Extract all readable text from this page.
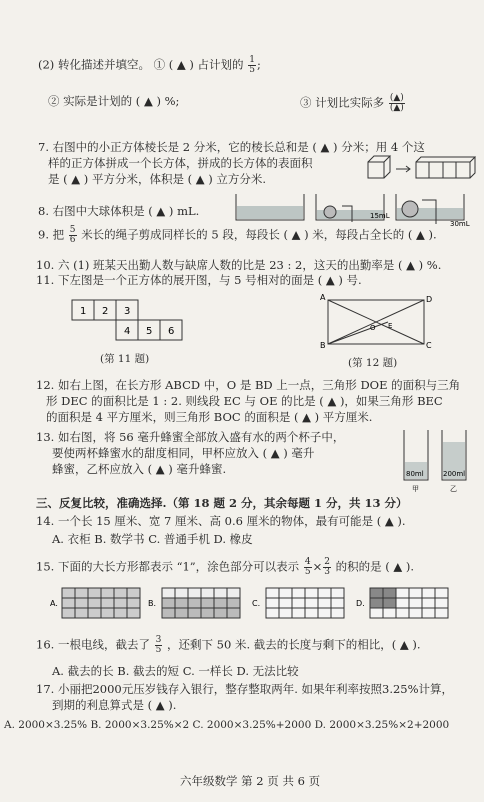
(2) 转化描述并填空。 ① ( ▲ ) 占计划的 $\frac{1}{5}$ ;
② 实际是计划的 ( ▲ ) %;	③ 计划比实际多 $\frac{(▲)}{(▲)}$
7. 右图中的小正方体棱长是 2 分米，它的棱长总和是 ( ▲ ) 分米；用 4 个这
样的正方体拼成一个长方体，拼成的长方体的表面积
是 ( ▲ ) 平方分米，体积是 ( ▲ ) 立方分米.
8. 右图中大球体积是 ( ▲ ) mL.	15mL
30mL
9. 把 $\frac{5}{6}$ 米长的绳子剪成同样长的 5 段，每段长 ( ▲ ) 米，每段占全长的 ( ▲ ).
10. 六 (1) 班某天出勤人数与缺席人数的比是 23 : 2，这天的出勤率是 ( ▲ ) %.
11. 下左图是一个正方体的展开图，与 5 号相对的面是 ( ▲ ) 号.
1 2 3
4 5 6
(第 11 题)
A	D
B	C
O E
(第 12 题)
12. 如右上图，在长方形 ABCD 中，O 是 BD 上一点，三角形 DOE 的面积与三角
形 DEC 的面积比是 1 : 2. 则线段 EC 与 OE 的比是 ( ▲ )，如果三角形 BEC
的面积是 4 平方厘米，则三角形 BOC 的面积是 ( ▲ ) 平方厘米.
13. 如右图，将 56 毫升蜂蜜全部放入盛有水的两个杯子中，
要使两杯蜂蜜水的甜度相同，甲杯应放入 ( ▲ ) 毫升
蜂蜜，乙杯应放入 ( ▲ ) 毫升蜂蜜.	80ml	200ml
甲	乙
三、反复比较，准确选择.（第 18 题 2 分，其余每题 1 分，共 13 分）
14. 一个长 15 厘米、宽 7 厘米、高 0.6 厘米的物体，最有可能是 ( ▲ ).
A. 衣柜 B. 数学书 C. 普通手机 D. 橡皮
15. 下面的大长方形都表示 “1”，涂色部分可以表示 $\frac{4}{5} \times \frac{2}{3}$ 的积的是 ( ▲ ).
A.	B.	C.	D.
16. 一根电线，截去了 $\frac{3}{5}$ ，还剩下 50 米. 截去的长度与剩下的相比，( ▲ ).
A. 截去的长 B. 截去的短 C. 一样长 D. 无法比较
17. 小丽把2000元压岁钱存入银行，整存整取两年. 如果年利率按照3.25%计算，
到期的利息算式是 ( ▲ ).
A. 2000×3.25% B. 2000×3.25%×2 C. 2000×3.25%+2000 D. 2000×3.25%×2+2000
六年级数学 第 2 页 共 6 页
